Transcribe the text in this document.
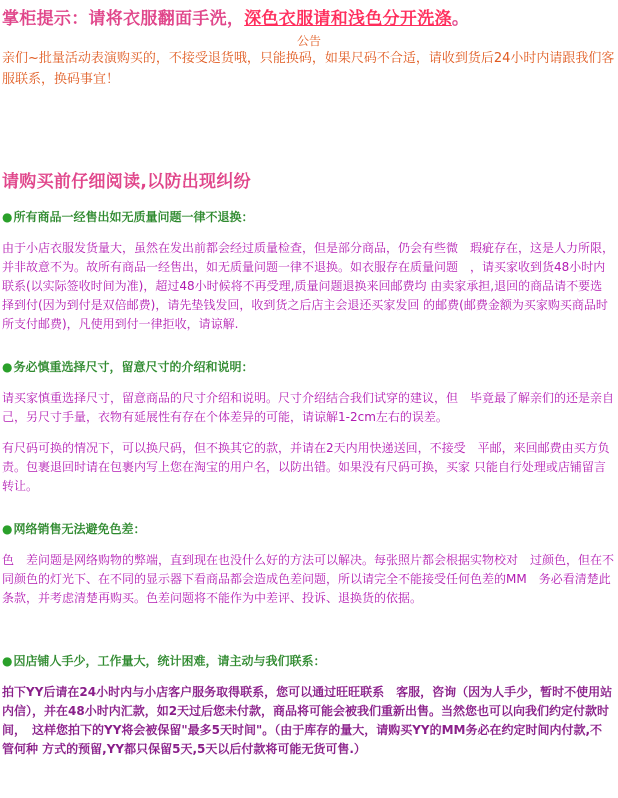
掌柜提示：请将衣服翻面手洗，深色衣服请和浅色分开洗涤。
公告
亲们~批量活动表演购买的，不接受退货哦，只能换码，如果尺码不合适，请收到货后24小时内请跟我们客服联系，换码事宜！
请购买前仔细阅读,以防出现纠纷
●所有商品一经售出如无质量问题一律不退换：
由于小店衣服发货量大，虽然在发出前都会经过质量检查，但是部分商品，仍会有些微　瑕疵存在，这是人力所限，并非故意不为。故所有商品一经售出，如无质量问题一律不退换。如衣服存在质量问题　，请买家收到货48小时内联系(以实际签收时间为准)，超过48小时候将不再受理,质量问题退换来回邮费均 由卖家承担,退回的商品请不要选择到付(因为到付是双倍邮费)，请先垫钱发回，收到货之后店主会退还买家发回 的邮费(邮费金额为买家购买商品时所支付邮费)，凡使用到付一律拒收，请谅解.
●务必慎重选择尺寸，留意尺寸的介绍和说明：
请买家慎重选择尺寸，留意商品的尺寸介绍和说明。尺寸介绍结合我们试穿的建议，但　毕竟最了解亲们的还是亲自己，另尺寸手量，衣物有延展性有存在个体差异的可能，请谅解1-2cm左右的误差。
有尺码可换的情况下，可以换尺码，但不换其它的款，并请在2天内用快递送回，不接受　平邮，来回邮费由买方负责。包裹退回时请在包裹内写上您在淘宝的用户名，以防出错。如果没有尺码可换，买家 只能自行处理或店铺留言转让。
●网络销售无法避免色差：
色　差问题是网络购物的弊端，直到现在也没什么好的方法可以解决。每张照片都会根据实物校对　过颜色，但在不同颜色的灯光下、在不同的显示器下看商品都会造成色差问题，所以请完全不能接受任何色差的MM　务必看清楚此条款，并考虑清楚再购买。色差问题将不能作为中差评、投诉、退换货的依据。
●因店铺人手少，工作量大，统计困难，请主动与我们联系：
拍下YY后请在24小时内与小店客户服务取得联系，您可以通过旺旺联系　客服，咨询（因为人手少，暂时不使用站内信），并在48小时内汇款，如2天过后您未付款，商品将可能会被我们重新出售。当然您也可以向我们约定付款时间，　这样您拍下的YY将会被保留"最多5天时间"。（由于库存的量大，请购买YY的MM务必在约定时间内付款,不管何种 方式的预留,YY都只保留5天,5天以后付款将可能无货可售.）
